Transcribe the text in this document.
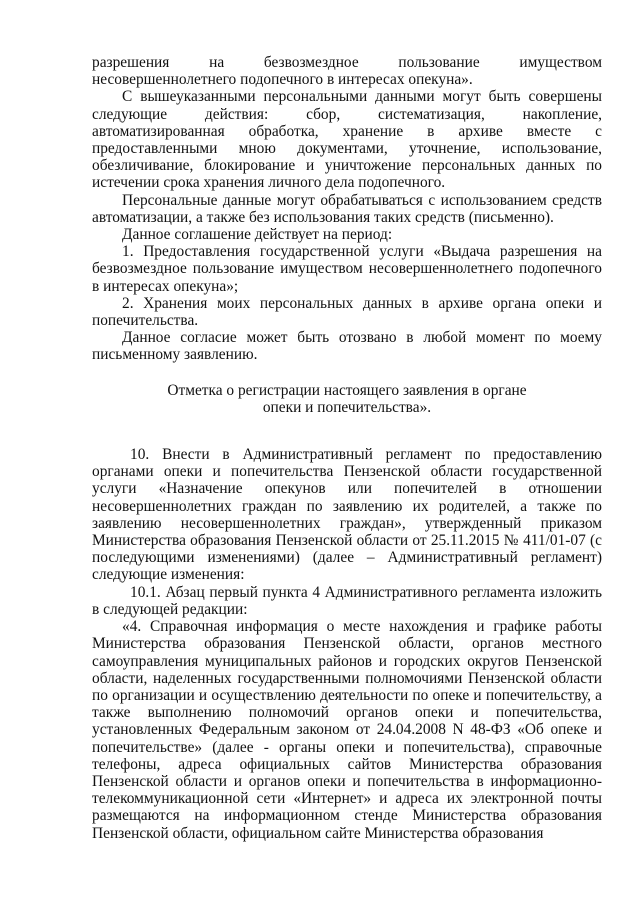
разрешения на безвозмездное пользование имуществом несовершеннолетнего подопечного в интересах опекуна».

С вышеуказанными персональными данными могут быть совершены следующие действия: сбор, систематизация, накопление, автоматизированная обработка, хранение в архиве вместе с предоставленными мною документами, уточнение, использование, обезличивание, блокирование и уничтожение персональных данных по истечении срока хранения личного дела подопечного.

Персональные данные могут обрабатываться с использованием средств автоматизации, а также без использования таких средств (письменно).

Данное соглашение действует на период:

1. Предоставления государственной услуги «Выдача разрешения на безвозмездное пользование имуществом несовершеннолетнего подопечного в интересах опекуна»;

2. Хранения моих персональных данных в архиве органа опеки и попечительства.

Данное согласие может быть отозвано в любой момент по моему письменному заявлению.

Отметка о регистрации настоящего заявления в органе

опеки и попечительства».

10. Внести в Административный регламент по предоставлению органами опеки и попечительства Пензенской области государственной услуги «Назначение опекунов или попечителей в отношении несовершеннолетних граждан по заявлению их родителей, а также по заявлению несовершеннолетних граждан», утвержденный приказом Министерства образования Пензенской области от 25.11.2015 № 411/01-07 (с последующими изменениями) (далее – Административный регламент) следующие изменения:

10.1. Абзац первый пункта 4 Административного регламента изложить в следующей редакции:

«4. Справочная информация о месте нахождения и графике работы Министерства образования Пензенской области, органов местного самоуправления муниципальных районов и городских округов Пензенской области, наделенных государственными полномочиями Пензенской области по организации и осуществлению деятельности по опеке и попечительству, а также выполнению полномочий органов опеки и попечительства, установленных Федеральным законом от 24.04.2008 N 48-ФЗ «Об опеке и попечительстве» (далее - органы опеки и попечительства), справочные телефоны, адреса официальных сайтов Министерства образования Пензенской области и органов опеки и попечительства в информационно-телекоммуникационной сети «Интернет» и адреса их электронной почты размещаются на информационном стенде Министерства образования Пензенской области, официальном сайте Министерства образования
